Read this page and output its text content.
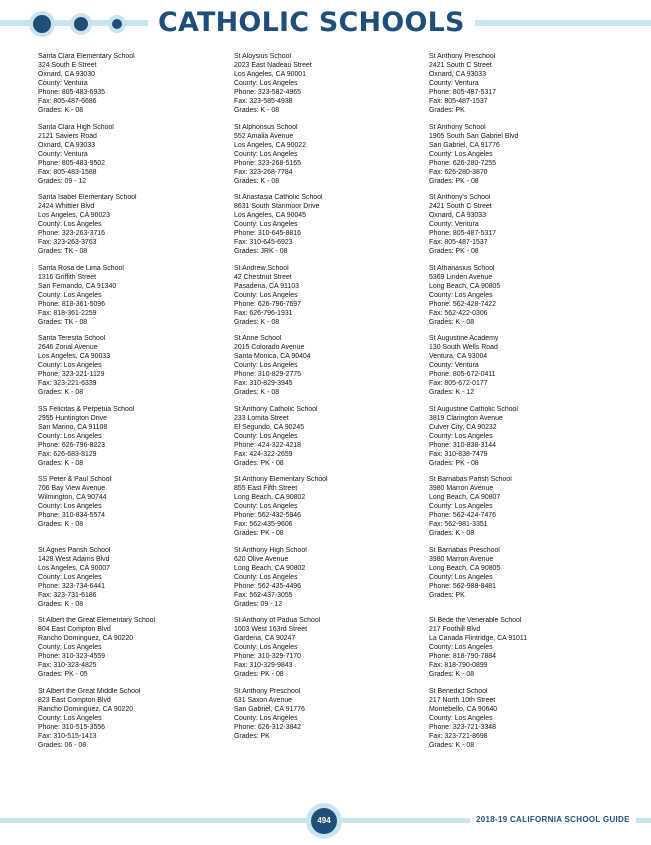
CATHOLIC SCHOOLS
Santa Clara Elementary School
324 South E Street
Oxnard, CA 93030
County: Ventura
Phone: 805-483-6935
Fax: 805-487-6686
Grades: K - 08
Santa Clara High School
2121 Saviers Road
Oxnard, CA 93033
County: Ventura
Phone: 805-483-9502
Fax: 805-483-1588
Grades: 09 - 12
Santa Isabel Elementary School
2424 Whittier Blvd
Los Angeles, CA 90023
County: Los Angeles
Phone: 323-263-3716
Fax: 323-263-3763
Grades: TK - 08
Santa Rosa de Lima School
1316 Griffith Street
San Fernando, CA 91340
County: Los Angeles
Phone: 818-361-5096
Fax: 818-361-2259
Grades: TK - 08
Santa Teresita School
2646 Zonal Avenue
Los Angeles, CA 90033
County: Los Angeles
Phone: 323-221-1129
Fax: 323-221-6339
Grades: K - 08
SS Felicitas & Perpetua School
2955 Huntington Drive
San Marino, CA 91108
County: Los Angeles
Phone: 626-796-8223
Fax: 626-683-8129
Grades: K - 08
SS Peter & Paul School
706 Bay View Avenue
Wilmington, CA 90744
County: Los Angeles
Phone: 310-834-5574
Grades: K - 08
St Agnes Parish School
1428 West Adams Blvd
Los Angeles, CA 90007
County: Los Angeles
Phone: 323-734-6441
Fax: 323-731-6186
Grades: K - 08
St Albert the Great Elementary School
804 East Compton Blvd
Rancho Dominguez, CA 90220
County: Los Angeles
Phone: 310-323-4559
Fax: 310-323-4825
Grades: PK - 05
St Albert the Great Middle School
823 East Compton Blvd
Rancho Dominguez, CA 90220
County: Los Angeles
Phone: 310-515-3556
Fax: 310-515-1413
Grades: 06 - 08
St Aloysius School
2023 East Nadeau Street
Los Angeles, CA 90001
County: Los Angeles
Phone: 323-582-4965
Fax: 323-585-4938
Grades: K - 08
St Alphonsus School
552 Amalia Avenue
Los Angeles, CA 90022
County: Los Angeles
Phone: 323-268-5165
Fax: 323-268-7784
Grades: K - 08
St Anastasia Catholic School
8631 South Stanmoor Drive
Los Angeles, CA 90045
County: Los Angeles
Phone: 310-645-8816
Fax: 310-645-6923
Grades: JRK - 08
St Andrew School
42 Chestnut Street
Pasadena, CA 91103
County: Los Angeles
Phone: 626-796-7697
Fax: 626-796-1931
Grades: K - 08
St Anne School
2015 Colorado Avenue
Santa Monica, CA 90404
County: Los Angeles
Phone: 310-829-2775
Fax: 310-829-3945
Grades: K - 08
St Anthony Catholic School
233 Lomita Street
El Segundo, CA 90245
County: Los Angeles
Phone: 424-322-4218
Fax: 424-322-2659
Grades: PK - 08
St Anthony Elementary School
855 East Fifth Street
Long Beach, CA 90802
County: Los Angeles
Phone: 562-432-5946
Fax: 562-435-9606
Grades: PK - 08
St Anthony High School
620 Olive Avenue
Long Beach, CA 90802
County: Los Angeles
Phone: 562-435-4496
Fax: 562-437-3055
Grades: 09 - 12
St Anthony of Padua School
1003 West 163rd Street
Gardena, CA 90247
County: Los Angeles
Phone: 310-329-7170
Fax: 310-329-9843
Grades: PK - 08
St Anthony Preschool
631 Saxon Avenue
San Gabriel, CA 91776
County: Los Angeles
Phone: 626-312-3842
Grades: PK
St Anthony Preschool
2421 South C Street
Oxnard, CA 93033
County: Ventura
Phone: 805-487-5317
Fax: 805-487-1537
Grades: PK
St Anthony School
1905 South San Gabriel Blvd
San Gabriel, CA 91776
County: Los Angeles
Phone: 626-280-7255
Fax: 626-280-3870
Grades: PK - 08
St Anthony's School
2421 South C Street
Oxnard, CA 93033
County: Ventura
Phone: 805-487-5317
Fax: 805-487-1537
Grades: PK - 08
St Athanasius School
5369 Linden Avenue
Long Beach, CA 90805
County: Los Angeles
Phone: 562-428-7422
Fax: 562-422-0306
Grades: K - 08
St Augustine Academy
130 South Wells Road
Ventura, CA 93004
County: Ventura
Phone: 805-672-0411
Fax: 805-672-0177
Grades: K - 12
St Augustine Catholic School
3819 Clarington Avenue
Culver City, CA 90232
County: Los Angeles
Phone: 310-838-3144
Fax: 310-838-7479
Grades: PK - 08
St Barnabas Parish School
3980 Marron Avenue
Long Beach, CA 90807
County: Los Angeles
Phone: 562-424-7476
Fax: 562-981-3351
Grades: K - 08
St Barnabas Preschool
3980 Marron Avenue
Long Beach, CA 90805
County: Los Angeles
Phone: 562-988-8481
Grades: PK
St Bede the Venerable School
217 Foothill Blvd
La Canada Flintridge, CA 91011
County: Los Angeles
Phone: 818-790-7884
Fax: 818-790-0899
Grades: K - 08
St Benedict School
217 North 10th Street
Montebello, CA 90640
County: Los Angeles
Phone: 323-721-3348
Fax: 323-721-8698
Grades: K - 08
494	2018-19 CALIFORNIA SCHOOL GUIDE
